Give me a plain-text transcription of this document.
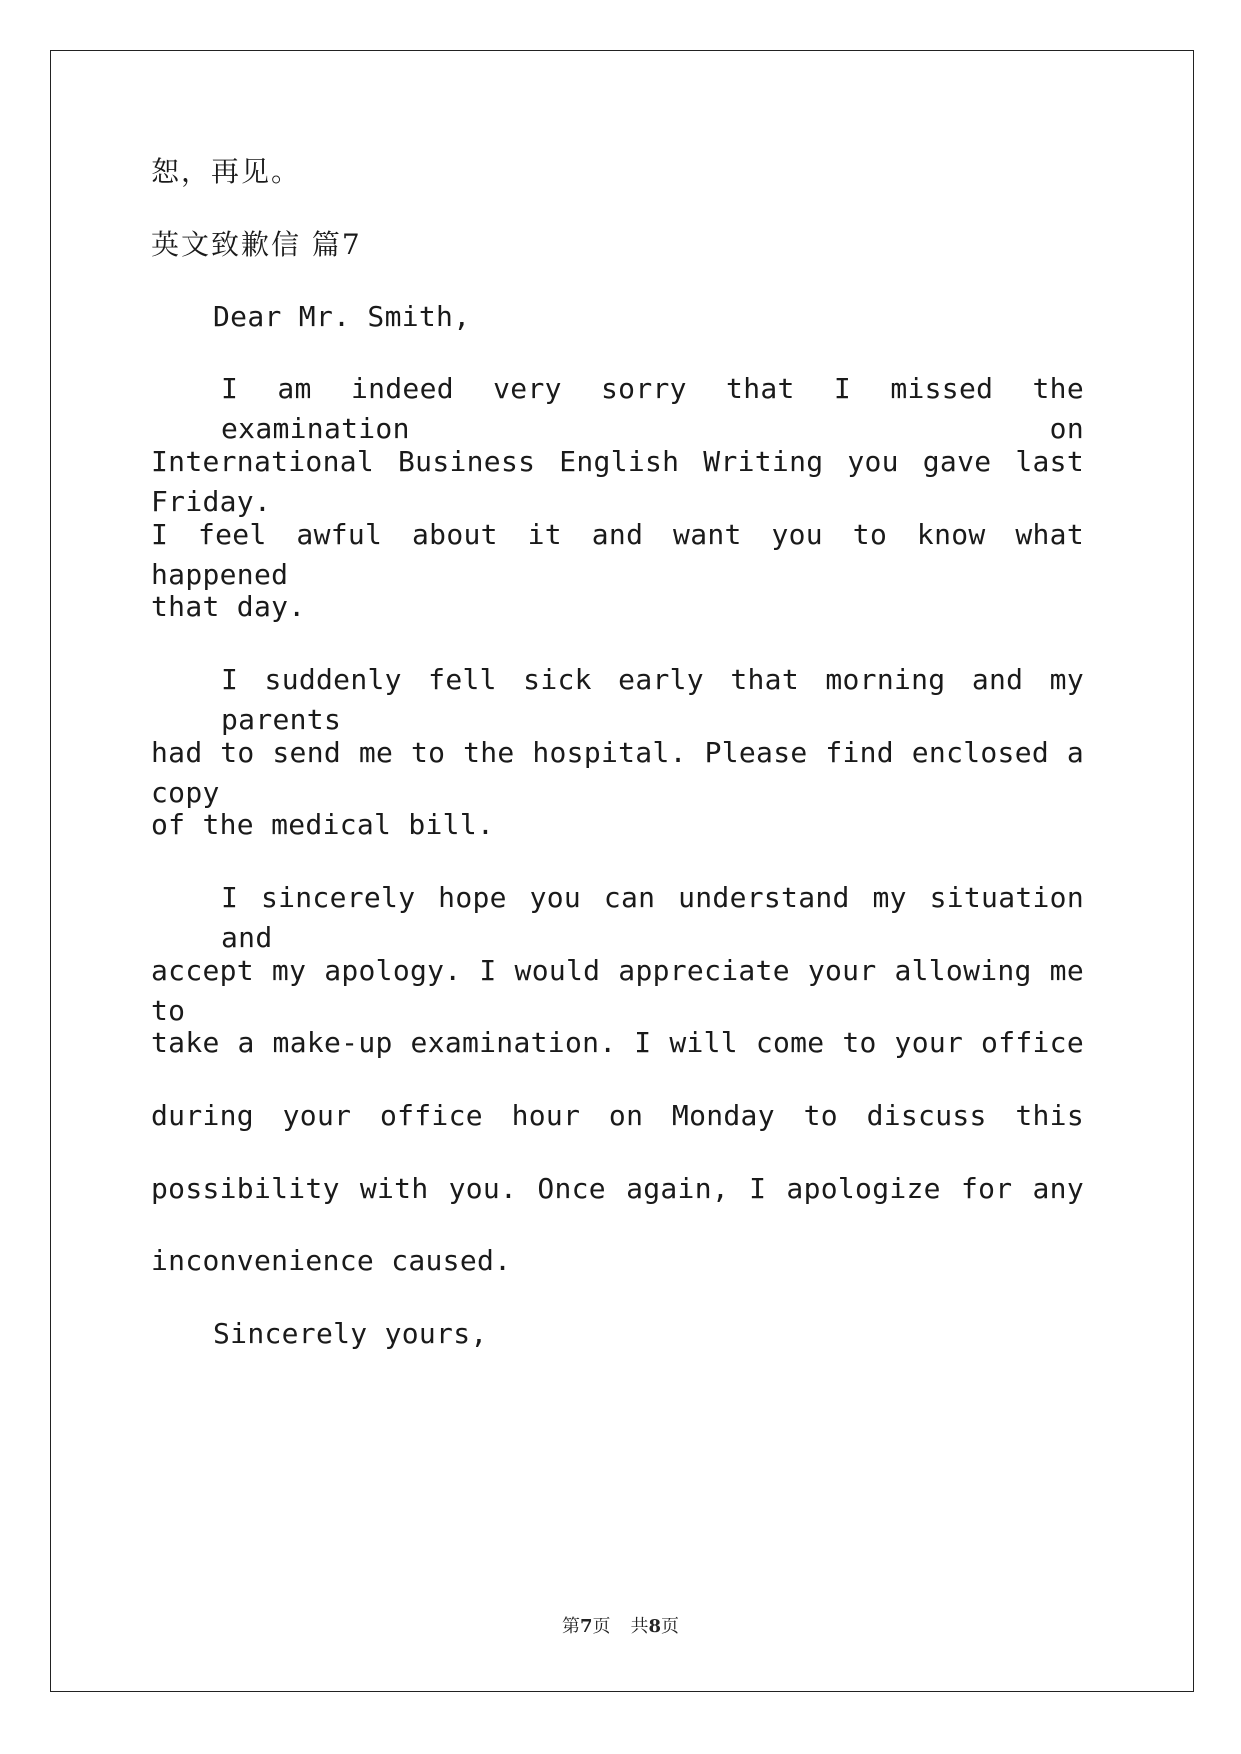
恕，再见。
英文致歉信 篇7
Dear Mr. Smith,
I am indeed very sorry that I missed the examination on
International Business English Writing you gave last Friday.
I feel awful about it and want you to know what happened
that day.
I suddenly fell sick early that morning and my parents
had to send me to the hospital. Please find enclosed a copy
of the medical bill.
I sincerely hope you can understand my situation and
accept my apology. I would appreciate your allowing me to
take a make-up examination. I will come to your office
during your office hour on Monday to discuss this
possibility with you. Once again, I apologize for any
inconvenience caused.
Sincerely yours,
第7页 共8页
